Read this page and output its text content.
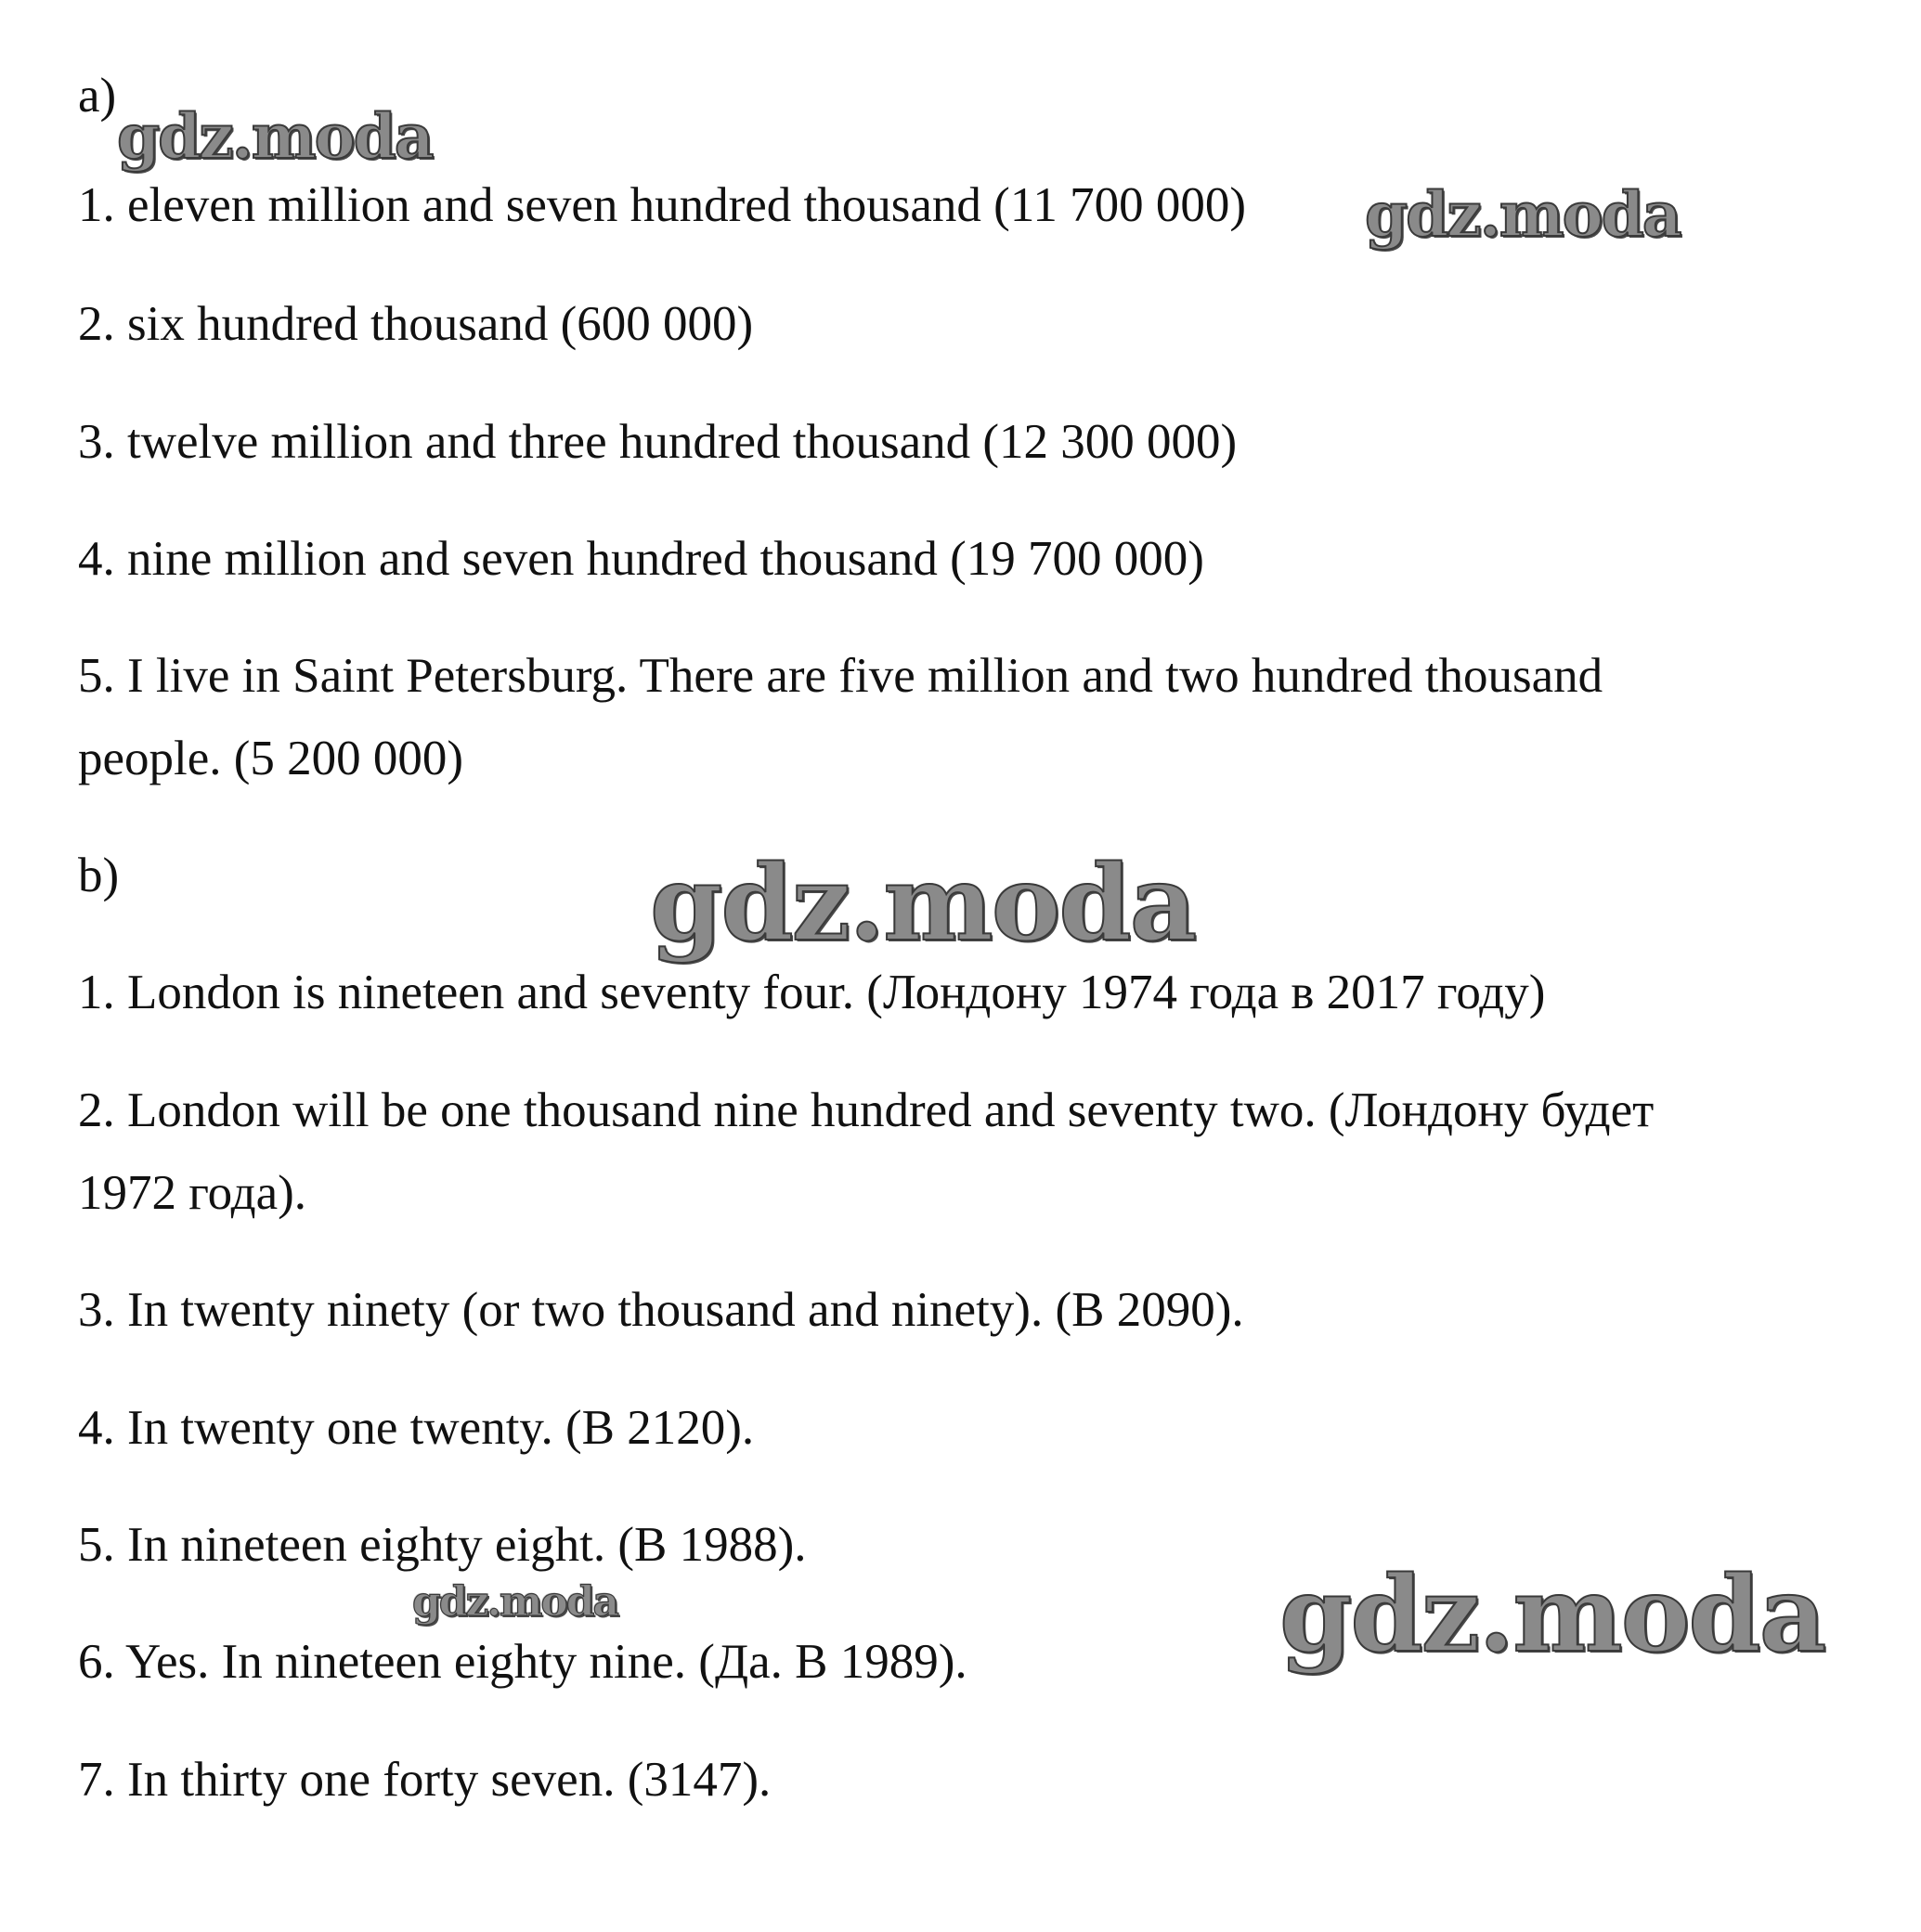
a)

gdz.moda

1. eleven million and seven hundred thousand (11 700 000) gdz.moda

2. six hundred thousand (600 000)

3. twelve million and three hundred thousand (12 300 000)

4. nine million and seven hundred thousand (19 700 000)

5. I live in Saint Petersburg. There are five million and two hundred thousand

people. (5 200 000)

b)	gdz.moda

1. London is nineteen and seventy four. (Лондону 1974 года в 2017 году)

2. London will be one thousand nine hundred and seventy two. (Лондону будет

1972 года).

3. In twenty ninety (or two thousand and ninety). (В 2090).

4. In twenty one twenty. (В 2120).

5. In nineteen eighty eight. (В 1988).

gdz.moda	gdz.moda

6. Yes. In nineteen eighty nine. (Да. В 1989).

7. In thirty one forty seven. (3147).
